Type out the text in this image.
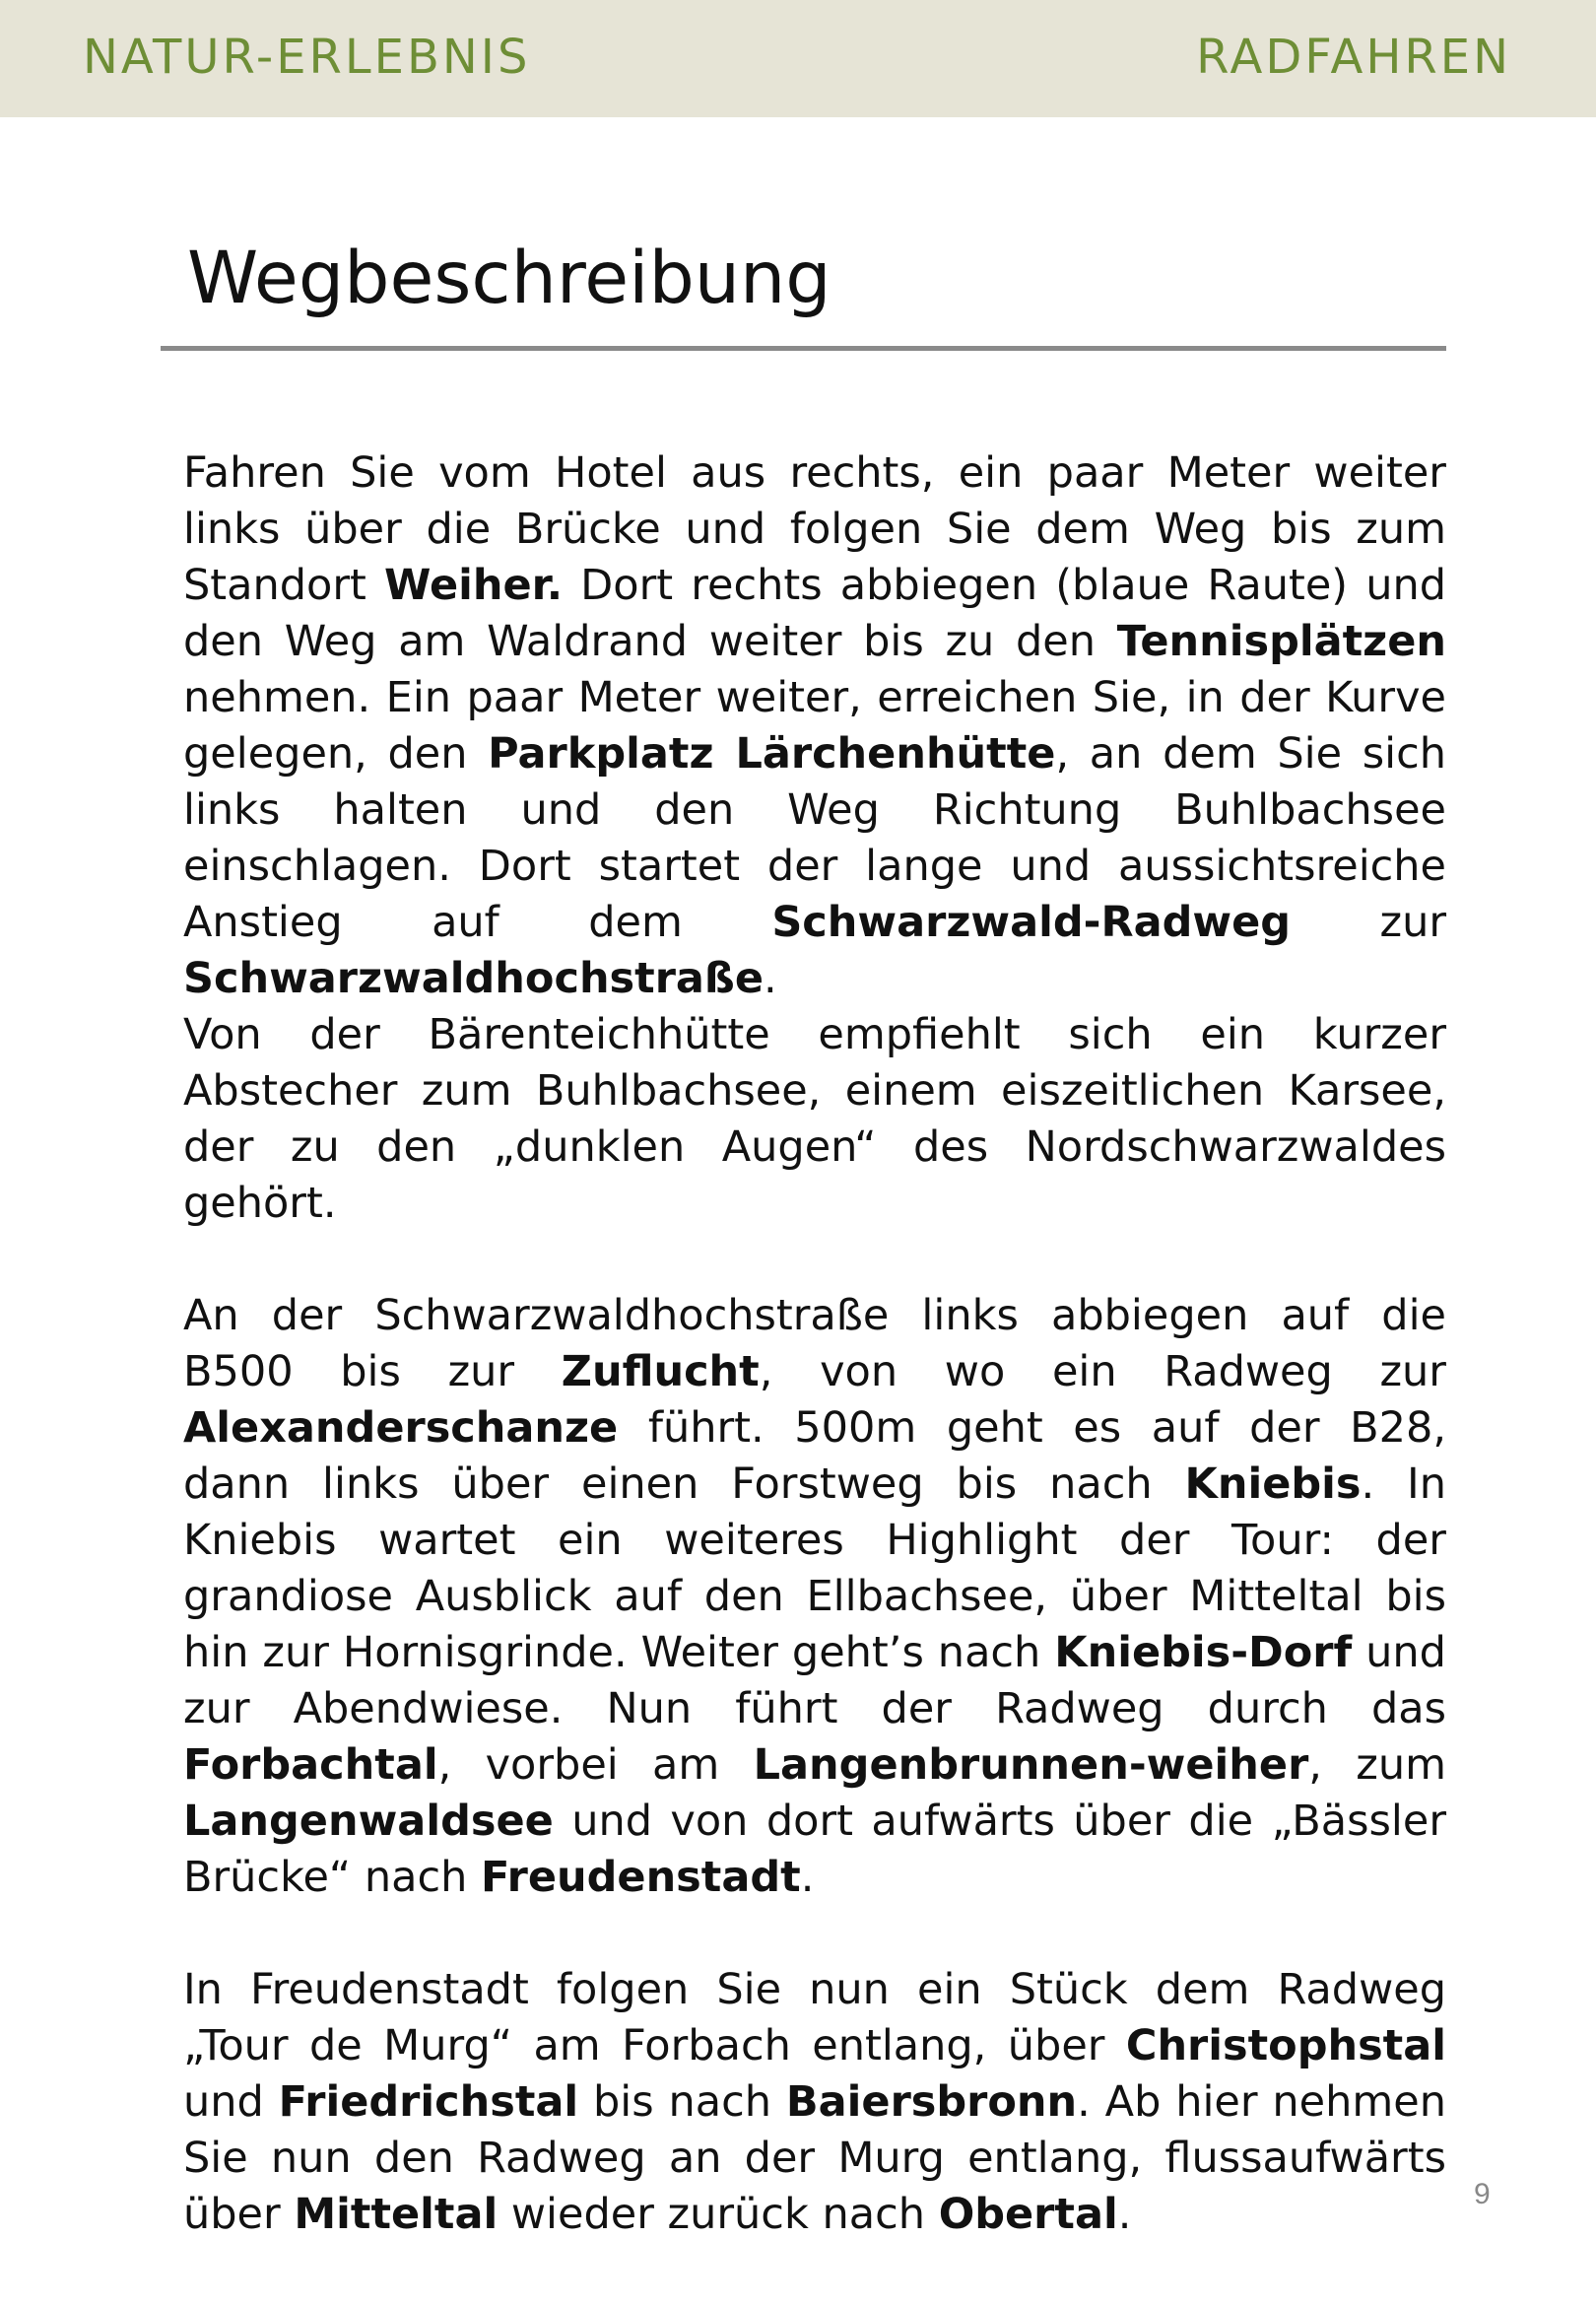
NATUR-ERLEBNIS	RADFAHREN
Wegbeschreibung

Fahren Sie vom Hotel aus rechts, ein paar Meter weiter links über die Brücke und folgen Sie dem Weg bis zum Standort Weiher. Dort rechts abbiegen (blaue Raute) und den Weg am Waldrand weiter bis zu den Tennisplätzen nehmen. Ein paar Meter weiter, erreichen Sie, in der Kurve gelegen, den Parkplatz Lärchenhütte, an dem Sie sich links halten und den Weg Richtung Buhlbachsee einschlagen. Dort startet der lange und aussichtsreiche Anstieg auf dem Schwarzwald-Radweg zur Schwarzwaldhochstraße.

Von der Bärenteichhütte empfiehlt sich ein kurzer Abstecher zum Buhlbachsee, einem eiszeitlichen Karsee, der zu den „dunklen Augen“ des Nordschwarzwaldes gehört.

An der Schwarzwaldhochstraße links abbiegen auf die B500 bis zur Zuflucht, von wo ein Radweg zur Alexanderschanze führt. 500m geht es auf der B28, dann links über einen Forstweg bis nach Kniebis. In Kniebis wartet ein weiteres Highlight der Tour: der grandiose Ausblick auf den Ellbachsee, über Mitteltal bis hin zur Hornisgrinde. Weiter geht’s nach Kniebis-Dorf und zur Abendwiese. Nun führt der Radweg durch das Forbachtal, vorbei am Langenbrunnen-weiher, zum Langenwaldsee und von dort aufwärts über die „Bässler Brücke“ nach Freudenstadt.

In Freudenstadt folgen Sie nun ein Stück dem Radweg „Tour de Murg“ am Forbach entlang, über Christophstal und Friedrichstal bis nach Baiersbronn. Ab hier nehmen Sie nun den Radweg an der Murg entlang, flussaufwärts über Mitteltal wieder zurück nach Obertal.	9
